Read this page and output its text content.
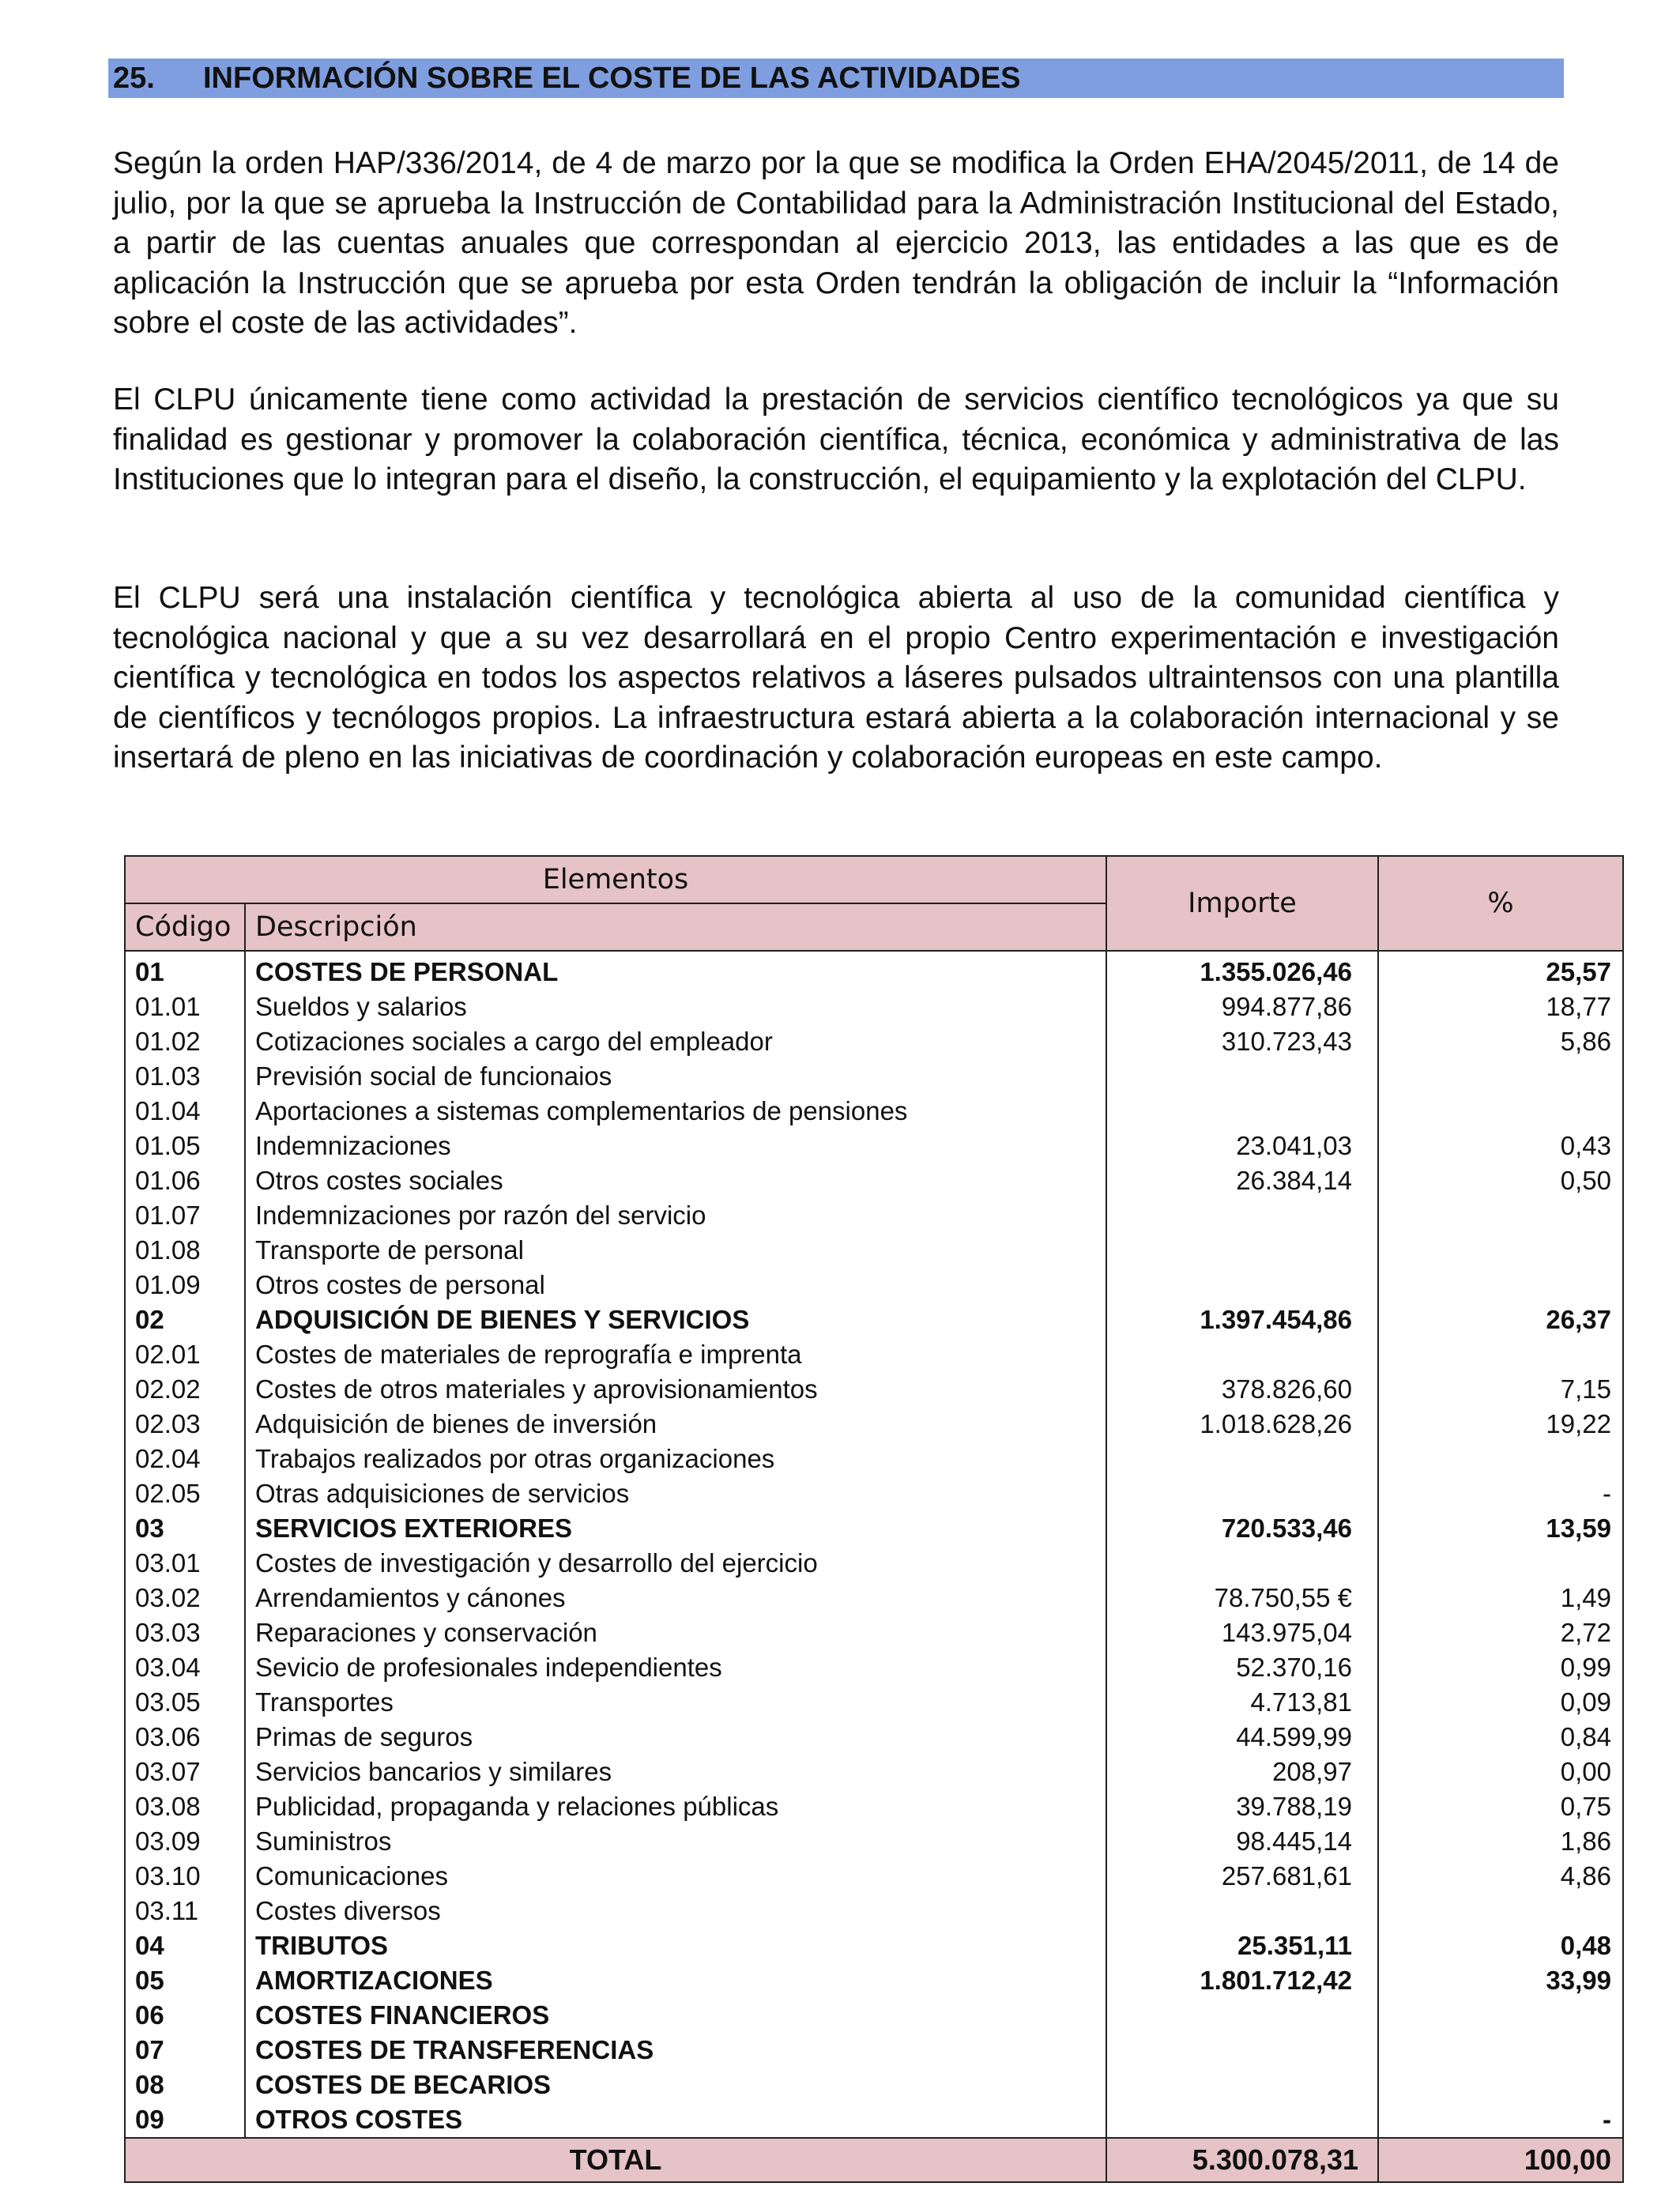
25.	INFORMACIÓN SOBRE EL COSTE DE LAS ACTIVIDADES

Según la orden HAP/336/2014, de 4 de marzo por la que se modifica la Orden EHA/2045/2011, de 14 de julio, por la que se aprueba la Instrucción de Contabilidad para la Administración Institucional del Estado, a partir de las cuentas anuales que correspondan al ejercicio 2013, las entidades a las que es de aplicación la Instrucción que se aprueba por esta Orden tendrán la obligación de incluir la “Información sobre el coste de las actividades”.

El CLPU únicamente tiene como actividad la prestación de servicios científico tecnológicos ya que su finalidad es gestionar y promover la colaboración científica, técnica, económica y administrativa de las Instituciones que lo integran para el diseño, la construcción, el equipamiento y la explotación del CLPU.

El CLPU será una instalación científica y tecnológica abierta al uso de la comunidad científica y tecnológica nacional y que a su vez desarrollará en el propio Centro experimentación e investigación científica y tecnológica en todos los aspectos relativos a láseres pulsados ultraintensos con una plantilla de científicos y tecnólogos propios. La infraestructura estará abierta a la colaboración internacional y se insertará de pleno en las iniciativas de coordinación y colaboración europeas en este campo.

Elementos		Importe	%
Código	Descripción		
01	COSTES DE PERSONAL	1.355.026,46	25,57
01.01	Sueldos y salarios	994.877,86	18,77
01.02	Cotizaciones sociales a cargo del empleador	310.723,43	5,86
01.03	Previsión social de funcionaios		
01.04	Aportaciones a sistemas complementarios de pensiones		
01.05	Indemnizaciones	23.041,03	0,43
01.06	Otros costes sociales	26.384,14	0,50
01.07	Indemnizaciones por razón del servicio		
01.08	Transporte de personal		
01.09	Otros costes de personal		
02	ADQUISICIÓN DE BIENES Y SERVICIOS	1.397.454,86	26,37
02.01	Costes de materiales de reprografía e imprenta		
02.02	Costes de otros materiales y aprovisionamientos	378.826,60	7,15
02.03	Adquisición de bienes de inversión	1.018.628,26	19,22
02.04	Trabajos realizados por otras organizaciones		
02.05	Otras adquisiciones de servicios		-
03	SERVICIOS EXTERIORES	720.533,46	13,59
03.01	Costes de investigación y desarrollo del ejercicio		
03.02	Arrendamientos y cánones	78.750,55 €	1,49
03.03	Reparaciones y conservación	143.975,04	2,72
03.04	Sevicio de profesionales independientes	52.370,16	0,99
03.05	Transportes	4.713,81	0,09
03.06	Primas de seguros	44.599,99	0,84
03.07	Servicios bancarios y similares	208,97	0,00
03.08	Publicidad, propaganda y relaciones públicas	39.788,19	0,75
03.09	Suministros	98.445,14	1,86
03.10	Comunicaciones	257.681,61	4,86
03.11	Costes diversos		
04	TRIBUTOS	25.351,11	0,48
05	AMORTIZACIONES	1.801.712,42	33,99
06	COSTES FINANCIEROS		
07	COSTES DE TRANSFERENCIAS		
08	COSTES DE BECARIOS		
09	OTROS COSTES		-
TOTAL		5.300.078,31	100,00
